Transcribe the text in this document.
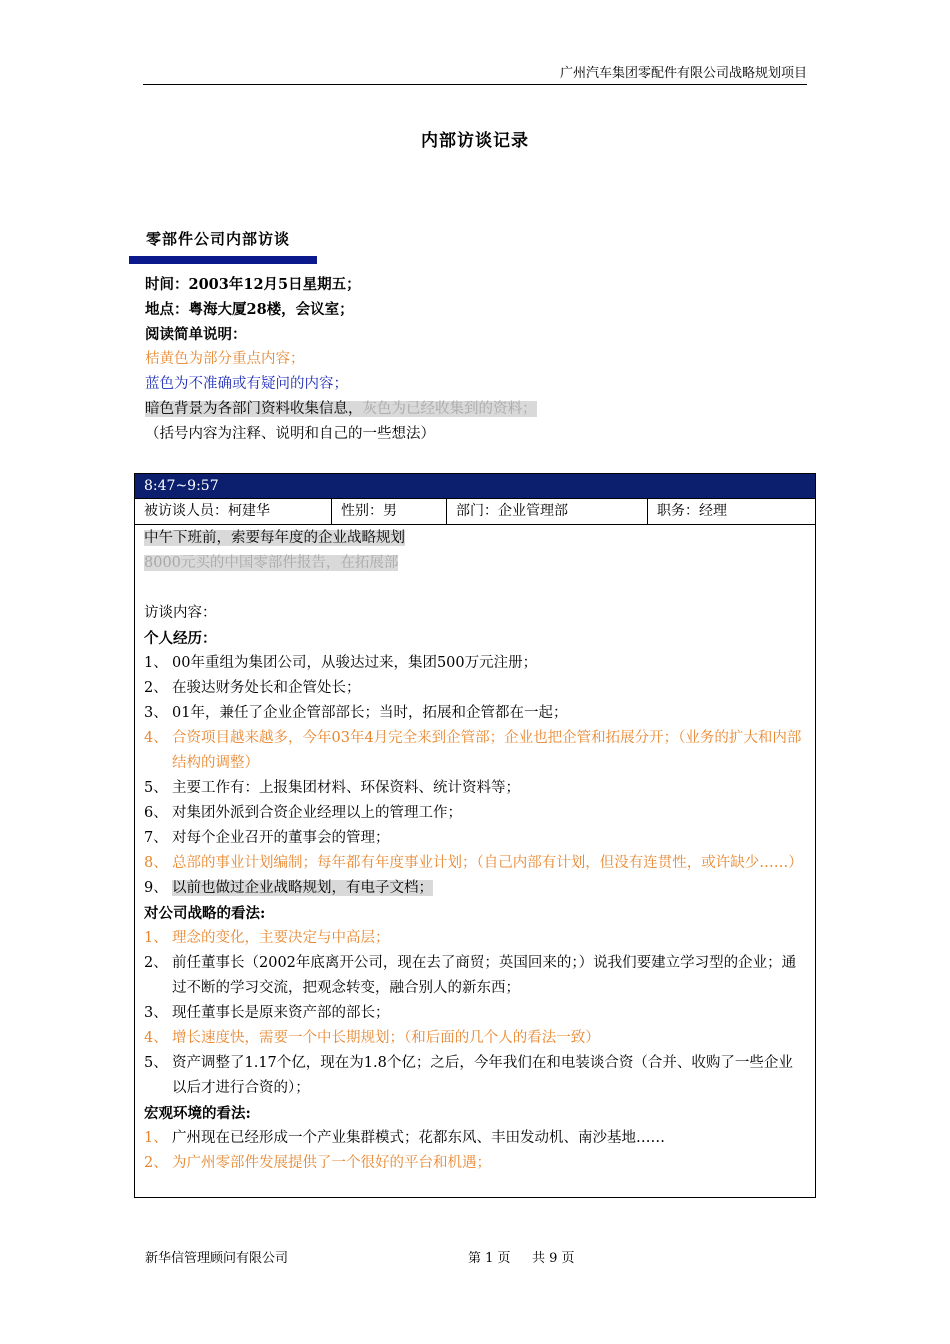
广州汽车集团零配件有限公司战略规划项目
内部访谈记录
零部件公司内部访谈
时间：2003年12月5日星期五；
地点：粤海大厦28楼，会议室；
阅读简单说明：
桔黄色为部分重点内容；
蓝色为不准确或有疑问的内容；
暗色背景为各部门资料收集信息，灰色为已经收集到的资料；
（括号内容为注释、说明和自己的一些想法）
8:47~9:57
被访谈人员：柯建华	性别：男	部门：企业管理部	职务：经理
中午下班前，索要每年度的企业战略规划
8000元买的中国零部件报告，在拓展部

访谈内容：
个人经历：
1、 00年重组为集团公司，从骏达过来，集团500万元注册；
2、 在骏达财务处长和企管处长；
3、 01年，兼任了企业企管部部长；当时，拓展和企管都在一起；
4、 合资项目越来越多，今年03年4月完全来到企管部；企业也把企管和拓展分开；（业务的扩大和内部结构的调整）
5、 主要工作有：上报集团材料、环保资料、统计资料等；
6、 对集团外派到合资企业经理以上的管理工作；
7、 对每个企业召开的董事会的管理；
8、 总部的事业计划编制；每年都有年度事业计划；（自己内部有计划，但没有连贯性，或许缺少……）
9、 以前也做过企业战略规划，有电子文档；
对公司战略的看法:
1、 理念的变化，主要决定与中高层；
2、 前任董事长（2002年底离开公司，现在去了商贸；英国回来的；）说我们要建立学习型的企业；通过不断的学习交流，把观念转变，融合别人的新东西；
3、 现任董事长是原来资产部的部长；
4、 增长速度快，需要一个中长期规划；（和后面的几个人的看法一致）
5、 资产调整了1.17个亿，现在为1.8个亿；之后，今年我们在和电装谈合资（合并、收购了一些企业以后才进行合资的）；
宏观环境的看法:
1、 广州现在已经形成一个产业集群模式；花都东风、丰田发动机、南沙基地……
2、 为广州零部件发展提供了一个很好的平台和机遇；
新华信管理顾问有限公司	第 1 页 共 9 页
